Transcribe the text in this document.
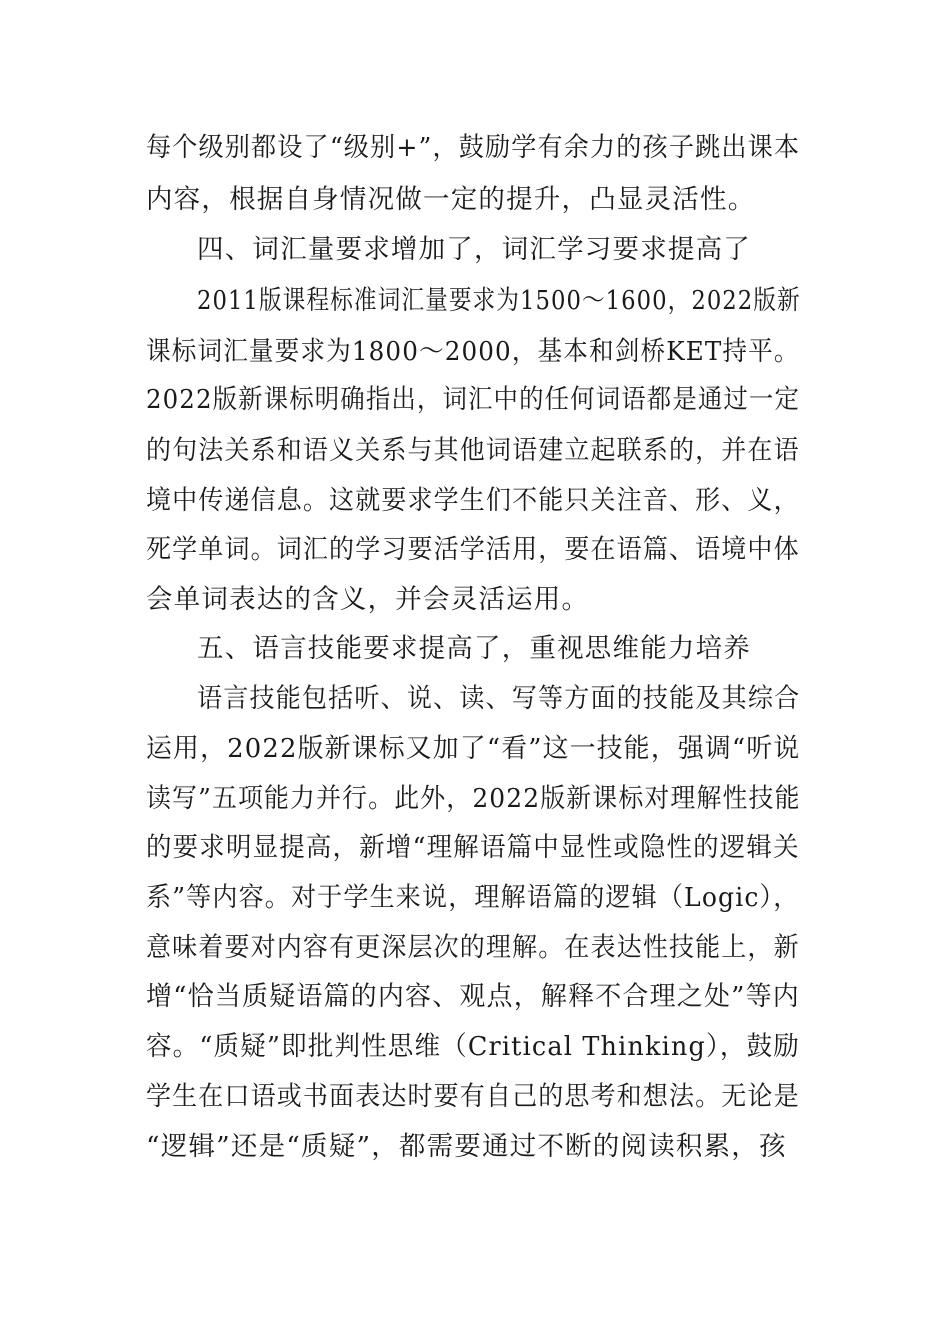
每个级别都设了“级别+”，鼓励学有余力的孩子跳出课本
内容，根据自身情况做一定的提升，凸显灵活性。
四、词汇量要求增加了，词汇学习要求提高了
2011版课程标准词汇量要求为1500～1600，2022版新
课标词汇量要求为1800～2000，基本和剑桥KET持平。
2022版新课标明确指出，词汇中的任何词语都是通过一定
的句法关系和语义关系与其他词语建立起联系的，并在语
境中传递信息。这就要求学生们不能只关注音、形、义，
死学单词。词汇的学习要活学活用，要在语篇、语境中体
会单词表达的含义，并会灵活运用。
五、语言技能要求提高了，重视思维能力培养
语言技能包括听、说、读、写等方面的技能及其综合
运用，2022版新课标又加了“看”这一技能，强调“听说
读写”五项能力并行。此外，2022版新课标对理解性技能
的要求明显提高，新增“理解语篇中显性或隐性的逻辑关
系”等内容。对于学生来说，理解语篇的逻辑（Logic），
意味着要对内容有更深层次的理解。在表达性技能上，新
增“恰当质疑语篇的内容、观点，解释不合理之处”等内
容。“质疑”即批判性思维（Critical Thinking），鼓励
学生在口语或书面表达时要有自己的思考和想法。无论是
“逻辑”还是“质疑”，都需要通过不断的阅读积累，孩
